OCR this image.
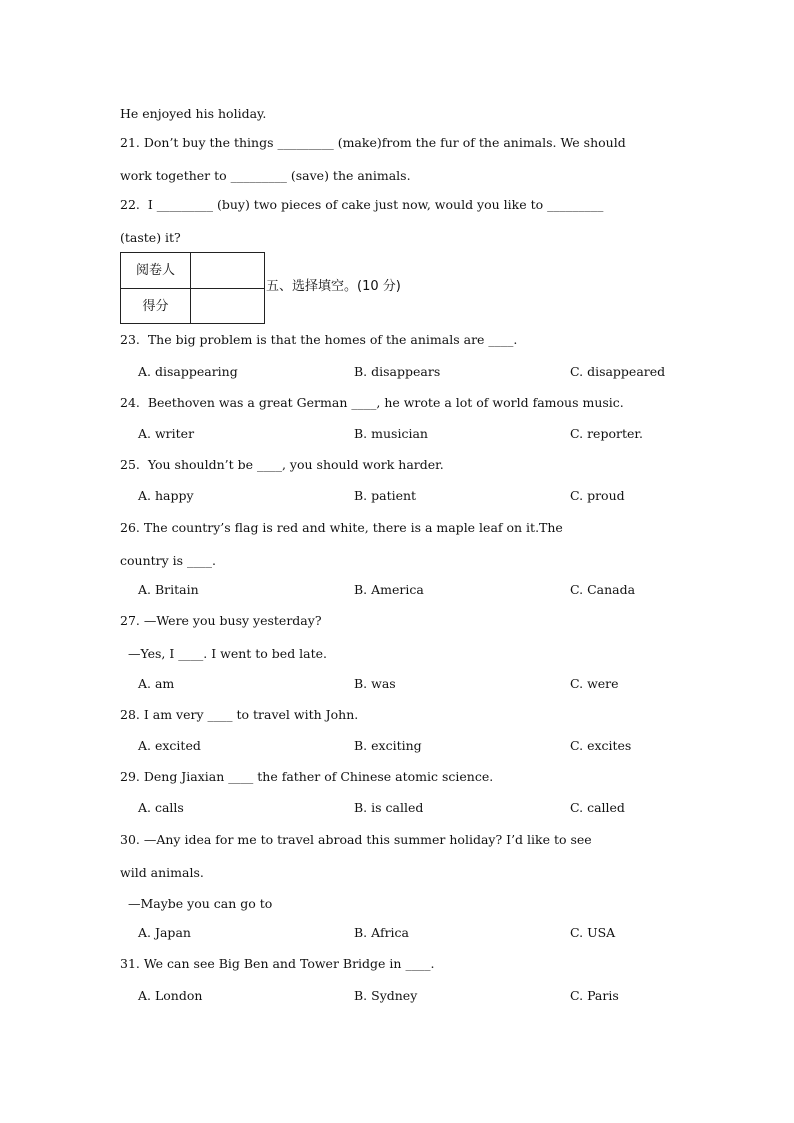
He enjoyed his holiday.
21. Don’t buy the things _________ (make)from the fur of the animals. We should
work together to _________ (save) the animals.
22.  I _________ (buy) two pieces of cake just now, would you like to _________
(taste) it?
阅卷人
得分
五、选择填空。(10 分)
23.  The big problem is that the homes of the animals are ____.
A. disappearing	B. disappears	C. disappeared
24.  Beethoven was a great German ____, he wrote a lot of world famous music.
A. writer	B. musician	C. reporter.
25.  You shouldn’t be ____, you should work harder.
A. happy	B. patient	C. proud
26. The country’s flag is red and white, there is a maple leaf on it.The
country is ____.
A. Britain	B. America	C. Canada
27. —Were you busy yesterday?
—Yes, I ____. I went to bed late.
A. am	B. was	C. were
28. I am very ____ to travel with John.
A. excited	B. exciting	C. excites
29. Deng Jiaxian ____ the father of Chinese atomic science.
A. calls	B. is called	C. called
30. —Any idea for me to travel abroad this summer holiday? I’d like to see
wild animals.
—Maybe you can go to
A. Japan	B. Africa	C. USA
31. We can see Big Ben and Tower Bridge in ____.
A. London	B. Sydney	C. Paris
